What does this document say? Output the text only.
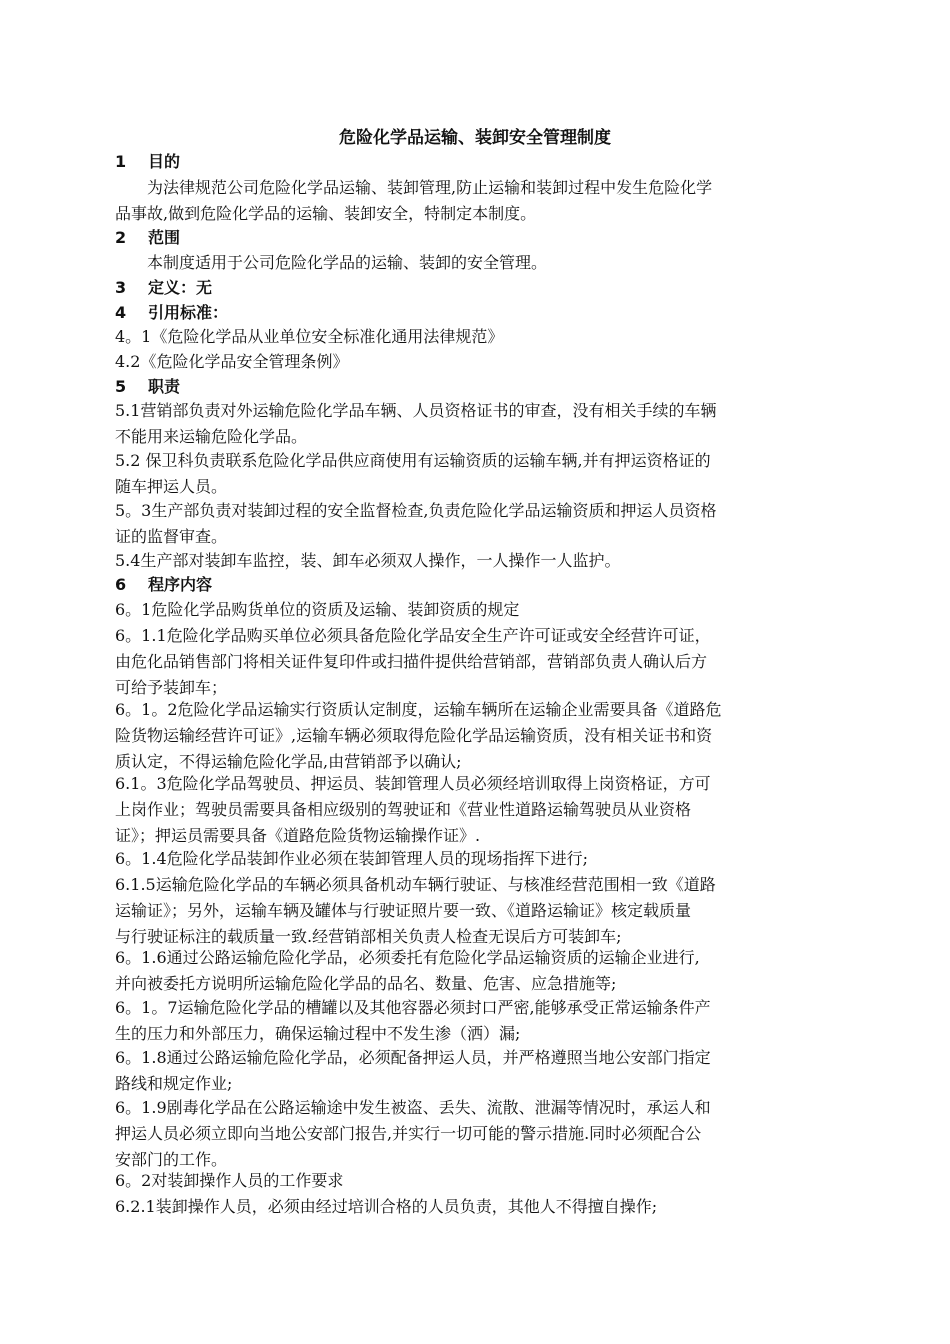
危险化学品运输、装卸安全管理制度
1 目的
　　为法律规范公司危险化学品运输、装卸管理,防止运输和装卸过程中发生危险化学
品事故,做到危险化学品的运输、装卸安全，特制定本制度。
2 范围
　　本制度适用于公司危险化学品的运输、装卸的安全管理。
3 定义：无
4 引用标准：
4。1《危险化学品从业单位安全标准化通用法律规范》
4.2《危险化学品安全管理条例》
5 职责
5.1营销部负责对外运输危险化学品车辆、人员资格证书的审查，没有相关手续的车辆
不能用来运输危险化学品。
5.2 保卫科负责联系危险化学品供应商使用有运输资质的运输车辆,并有押运资格证的
随车押运人员。
5。3生产部负责对装卸过程的安全监督检查,负责危险化学品运输资质和押运人员资格
证的监督审查。
5.4生产部对装卸车监控，装、卸车必须双人操作，一人操作一人监护。
6 程序内容
6。1危险化学品购货单位的资质及运输、装卸资质的规定
6。1.1危险化学品购买单位必须具备危险化学品安全生产许可证或安全经营许可证，
由危化品销售部门将相关证件复印件或扫描件提供给营销部，营销部负责人确认后方
可给予装卸车；
6。1。2危险化学品运输实行资质认定制度，运输车辆所在运输企业需要具备《道路危
险货物运输经营许可证》,运输车辆必须取得危险化学品运输资质，没有相关证书和资
质认定，不得运输危险化学品,由营销部予以确认;
6.1。3危险化学品驾驶员、押运员、装卸管理人员必须经培训取得上岗资格证，方可
上岗作业；驾驶员需要具备相应级别的驾驶证和《营业性道路运输驾驶员从业资格
证》；押运员需要具备《道路危险货物运输操作证》.
6。1.4危险化学品装卸作业必须在装卸管理人员的现场指挥下进行;
6.1.5运输危险化学品的车辆必须具备机动车辆行驶证、与核准经营范围相一致《道路
运输证》；另外，运输车辆及罐体与行驶证照片要一致、《道路运输证》核定载质量
与行驶证标注的载质量一致.经营销部相关负责人检查无误后方可装卸车;
6。1.6通过公路运输危险化学品，必须委托有危险化学品运输资质的运输企业进行,
并向被委托方说明所运输危险化学品的品名、数量、危害、应急措施等;
6。1。7运输危险化学品的槽罐以及其他容器必须封口严密,能够承受正常运输条件产
生的压力和外部压力，确保运输过程中不发生渗（洒）漏;
6。1.8通过公路运输危险化学品，必须配备押运人员，并严格遵照当地公安部门指定
路线和规定作业;
6。1.9剧毒化学品在公路运输途中发生被盗、丢失、流散、泄漏等情况时，承运人和
押运人员必须立即向当地公安部门报告,并实行一切可能的警示措施.同时必须配合公
安部门的工作。
6。2对装卸操作人员的工作要求
6.2.1装卸操作人员，必须由经过培训合格的人员负责，其他人不得擅自操作;
